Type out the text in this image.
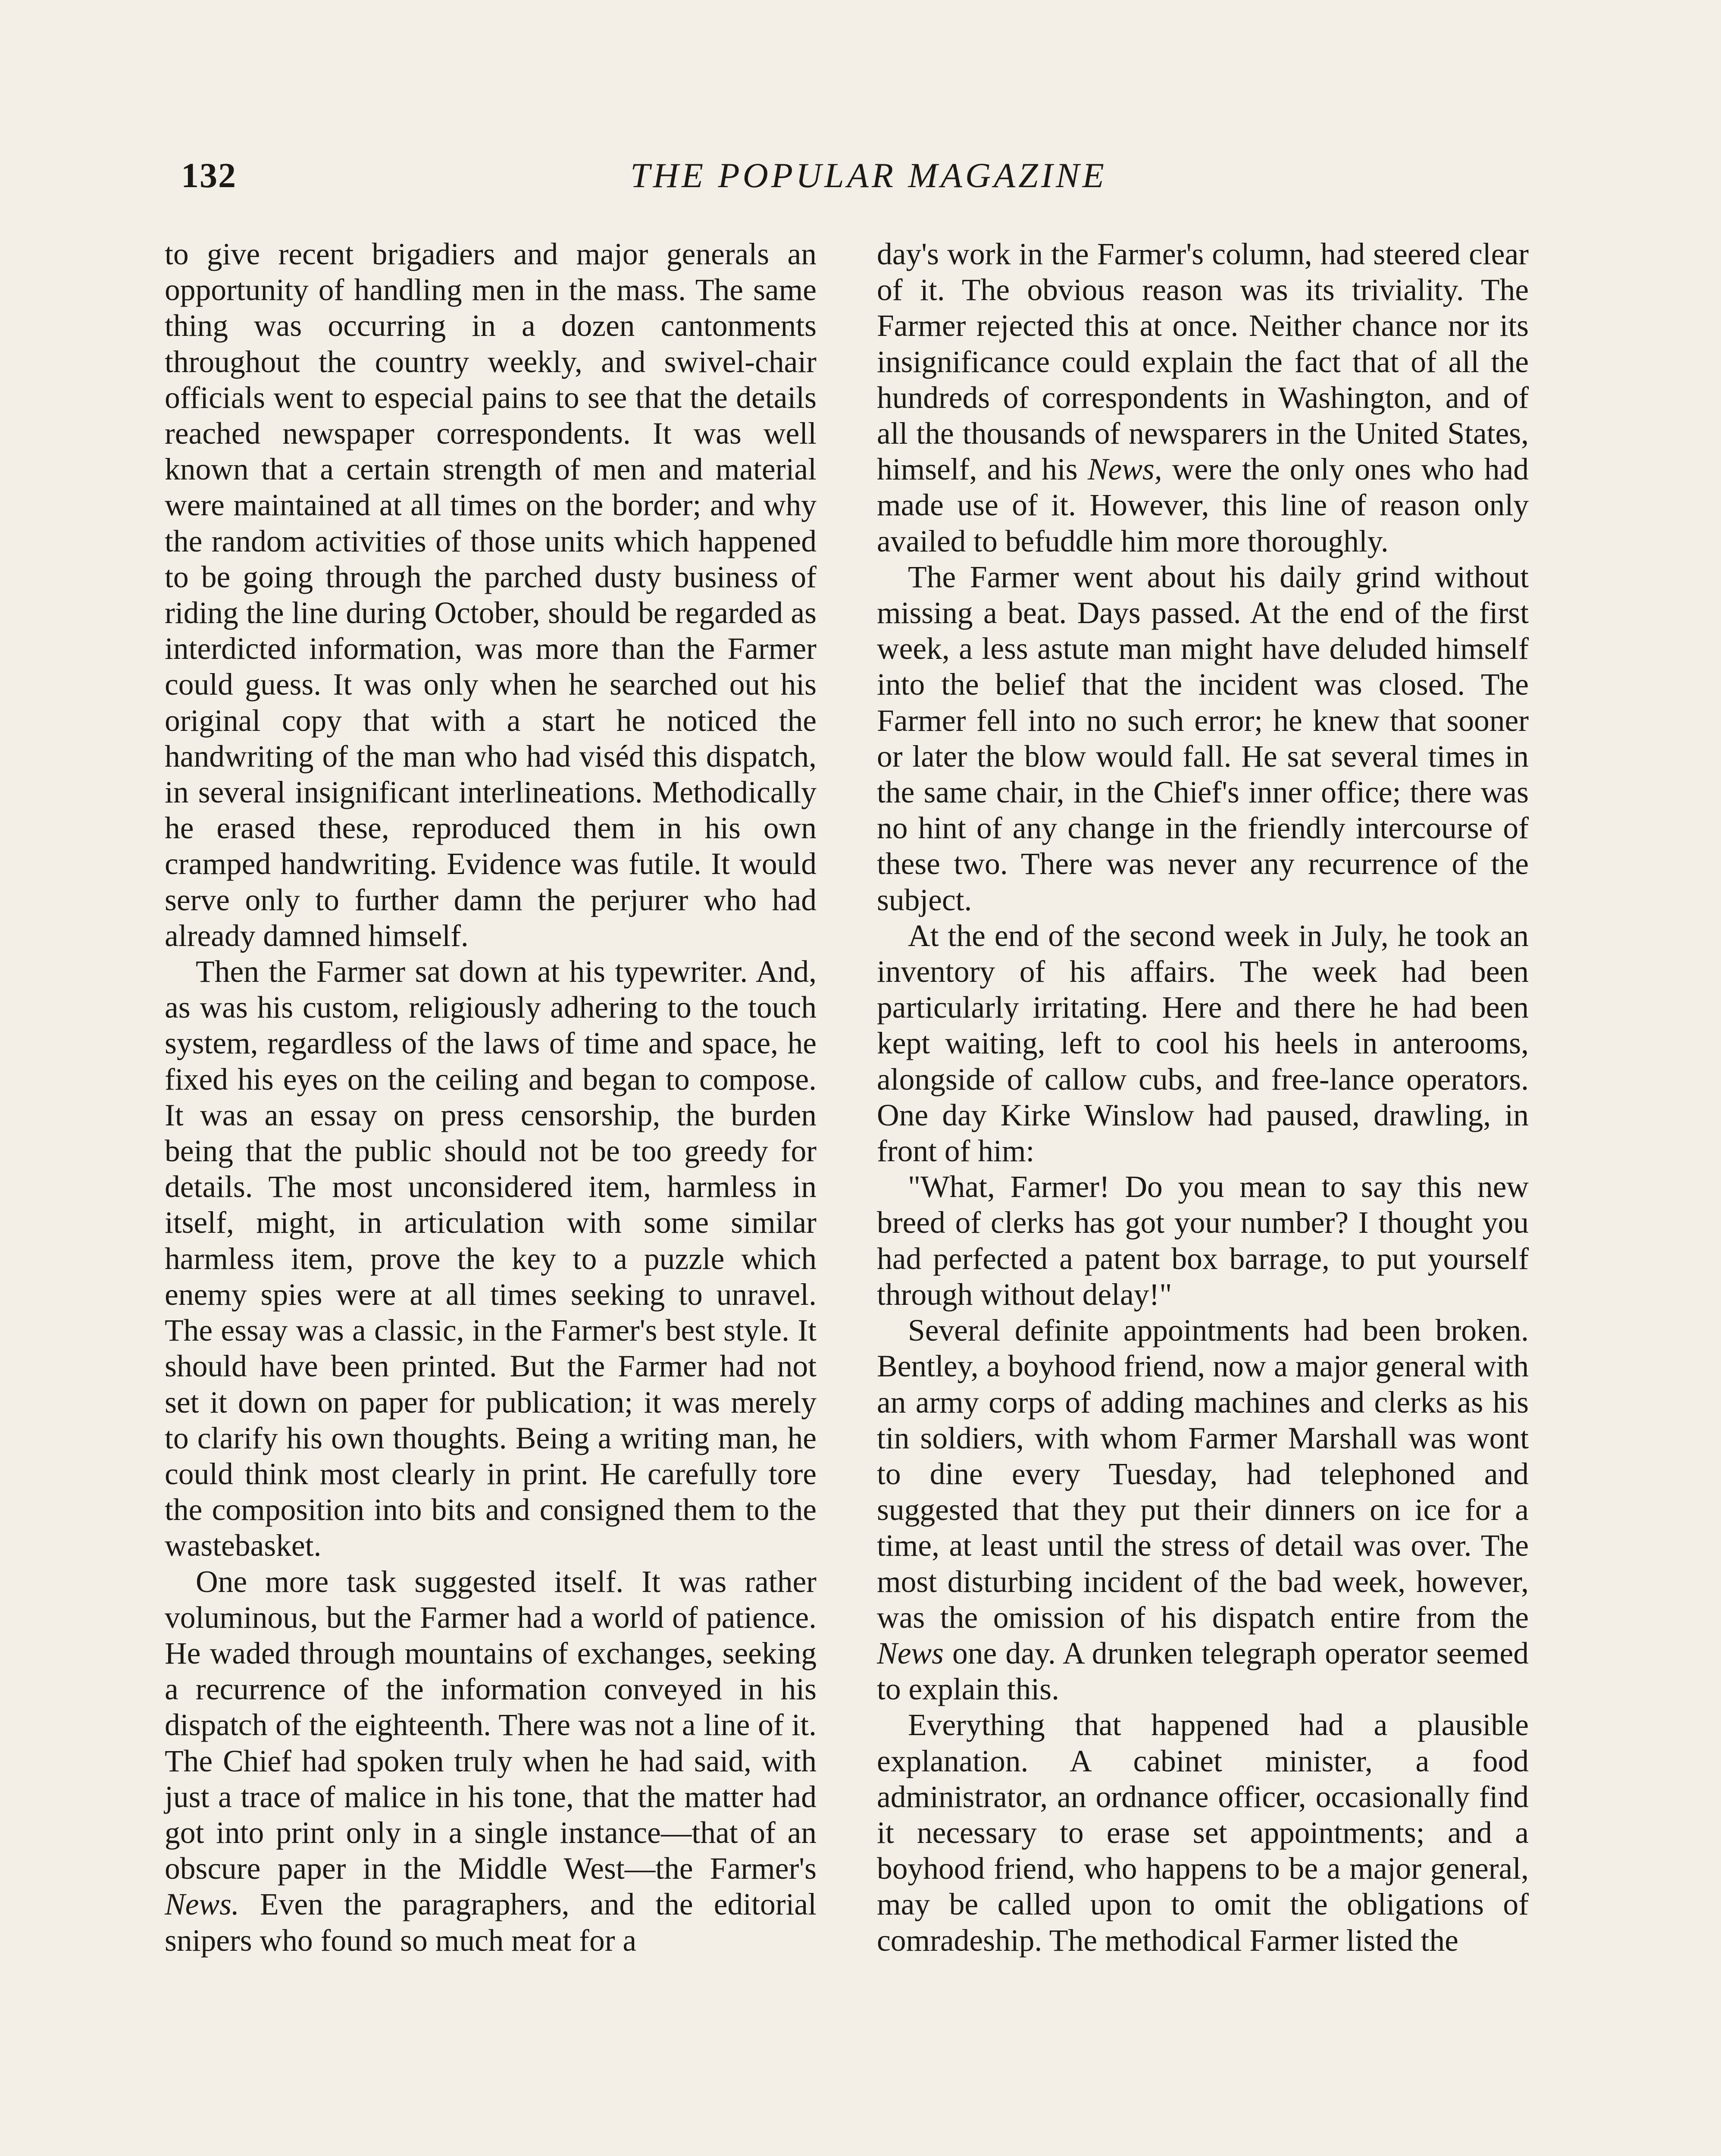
132	THE POPULAR MAGAZINE

to give recent brigadiers and major generals an opportunity of handling men in the mass. The same thing was occurring in a dozen cantonments throughout the country weekly, and swivel-chair officials went to especial pains to see that the details reached newspaper correspondents. It was well known that a certain strength of men and material were maintained at all times on the border; and why the random activities of those units which happened to be going through the parched dusty business of riding the line during October, should be regarded as interdicted information, was more than the Farmer could guess. It was only when he searched out his original copy that with a start he noticed the handwriting of the man who had viséd this dispatch, in several insignificant interlineations. Methodically he erased these, reproduced them in his own cramped handwriting. Evidence was futile. It would serve only to further damn the perjurer who had already damned himself.

Then the Farmer sat down at his typewriter. And, as was his custom, religiously adhering to the touch system, regardless of the laws of time and space, he fixed his eyes on the ceiling and began to compose. It was an essay on press censorship, the burden being that the public should not be too greedy for details. The most unconsidered item, harmless in itself, might, in articulation with some similar harmless item, prove the key to a puzzle which enemy spies were at all times seeking to unravel. The essay was a classic, in the Farmer's best style. It should have been printed. But the Farmer had not set it down on paper for publication; it was merely to clarify his own thoughts. Being a writing man, he could think most clearly in print. He carefully tore the composition into bits and consigned them to the wastebasket.

One more task suggested itself. It was rather voluminous, but the Farmer had a world of patience. He waded through mountains of exchanges, seeking a recurrence of the information conveyed in his dispatch of the eighteenth. There was not a line of it. The Chief had spoken truly when he had said, with just a trace of malice in his tone, that the matter had got into print only in a single instance—that of an obscure paper in the Middle West—the Farmer's News. Even the paragraphers, and the editorial snipers who found so much meat for a

day's work in the Farmer's column, had steered clear of it. The obvious reason was its triviality. The Farmer rejected this at once. Neither chance nor its insignificance could explain the fact that of all the hundreds of correspondents in Washington, and of all the thousands of newsparers in the United States, himself, and his News, were the only ones who had made use of it. However, this line of reason only availed to befuddle him more thoroughly.

The Farmer went about his daily grind without missing a beat. Days passed. At the end of the first week, a less astute man might have deluded himself into the belief that the incident was closed. The Farmer fell into no such error; he knew that sooner or later the blow would fall. He sat several times in the same chair, in the Chief's inner office; there was no hint of any change in the friendly intercourse of these two. There was never any recurrence of the subject.

At the end of the second week in July, he took an inventory of his affairs. The week had been particularly irritating. Here and there he had been kept waiting, left to cool his heels in anterooms, alongside of callow cubs, and free-lance operators. One day Kirke Winslow had paused, drawling, in front of him:

"What, Farmer! Do you mean to say this new breed of clerks has got your number? I thought you had perfected a patent box barrage, to put yourself through without delay!"

Several definite appointments had been broken. Bentley, a boyhood friend, now a major general with an army corps of adding machines and clerks as his tin soldiers, with whom Farmer Marshall was wont to dine every Tuesday, had telephoned and suggested that they put their dinners on ice for a time, at least until the stress of detail was over. The most disturbing incident of the bad week, however, was the omission of his dispatch entire from the News one day. A drunken telegraph operator seemed to explain this.

Everything that happened had a plausible explanation. A cabinet minister, a food administrator, an ordnance officer, occasionally find it necessary to erase set appointments; and a boyhood friend, who happens to be a major general, may be called upon to omit the obligations of comradeship. The methodical Farmer listed the
